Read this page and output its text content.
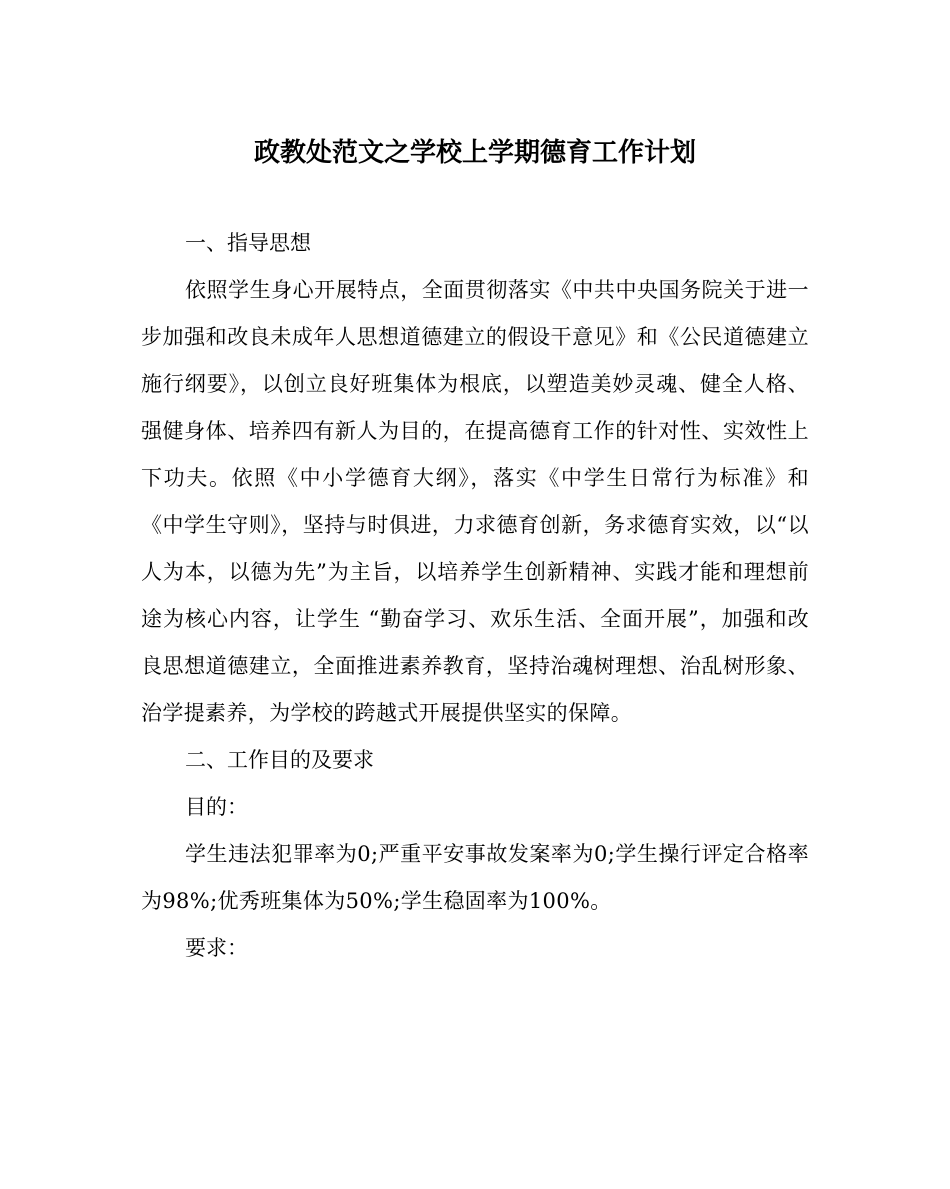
政教处范文之学校上学期德育工作计划

一、指导思想

依照学生身心开展特点，全面贯彻落实《中共中央国务院关于进一步加强和改良未成年人思想道德建立的假设干意见》和《公民道德建立施行纲要》，以创立良好班集体为根底，以塑造美妙灵魂、健全人格、强健身体、培养四有新人为目的，在提高德育工作的针对性、实效性上下功夫。依照《中小学德育大纲》，落实《中学生日常行为标准》和《中学生守则》，坚持与时俱进，力求德育创新，务求德育实效，以“以人为本，以德为先”为主旨，以培养学生创新精神、实践才能和理想前途为核心内容，让学生 “勤奋学习、欢乐生活、全面开展”，加强和改良思想道德建立，全面推进素养教育，坚持治魂树理想、治乱树形象、治学提素养，为学校的跨越式开展提供坚实的保障。

二、工作目的及要求

目的：

学生违法犯罪率为0;严重平安事故发案率为0;学生操行评定合格率为98%;优秀班集体为50%;学生稳固率为100%。

要求：
